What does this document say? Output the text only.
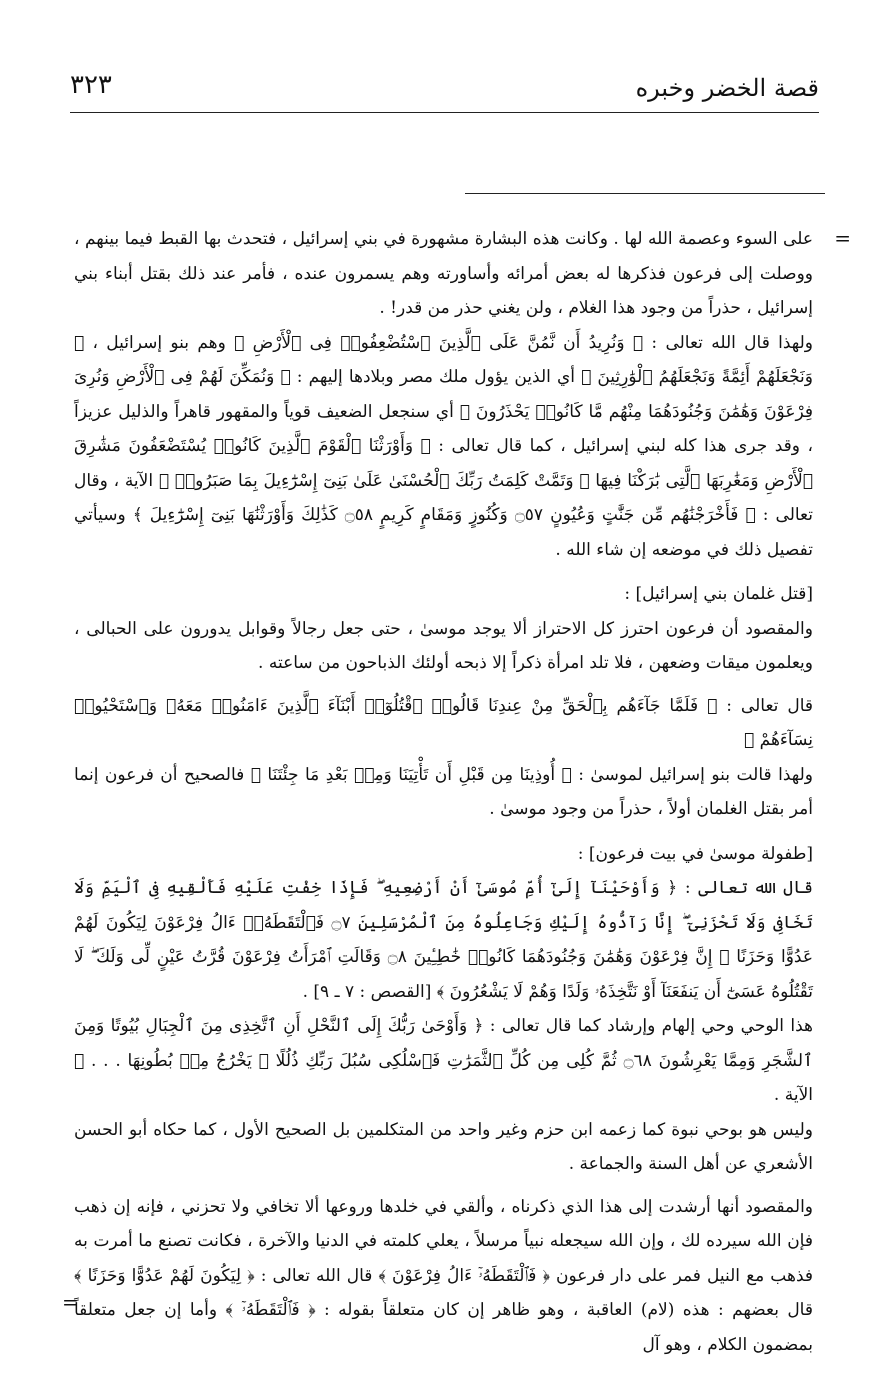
قصة الخضر وخبره
٣٢٣
=
=

على السوء وعصمة الله لها . وكانت هذه البشارة مشهورة في بني إسرائيل ، فتحدث بها القبط فيما بينهم ، ووصلت إلى فرعون فذكرها له بعض أمرائه وأساورته وهم يسمرون عنده ، فأمر عند ذلك بقتل أبناء بني إسرائيل ، حذراً من وجود هذا الغلام ، ولن يغني حذر من قدر! .

ولهذا قال الله تعالى : ﴿ وَنُرِيدُ أَن نَّمُنَّ عَلَى ٱلَّذِينَ ٱسْتُضْعِفُوا۟ فِى ٱلْأَرْضِ ﴾ وهم بنو إسرائيل ، ﴿ وَنَجْعَلَهُمْ أَئِمَّةً وَنَجْعَلَهُمُ ٱلْوَٰرِثِينَ ﴾ أي الذين يؤول ملك مصر وبلادها إليهم : ﴿ وَنُمَكِّنَ لَهُمْ فِى ٱلْأَرْضِ وَنُرِىَ فِرْعَوْنَ وَهَٰمَٰنَ وَجُنُودَهُمَا مِنْهُم مَّا كَانُوا۟ يَحْذَرُونَ ﴾ أي سنجعل الضعيف قوياً والمقهور قاهراً والذليل عزيزاً ، وقد جرى هذا كله لبني إسرائيل ، كما قال تعالى : ﴿ وَأَوْرَثْنَا ٱلْقَوْمَ ٱلَّذِينَ كَانُوا۟ يُسْتَضْعَفُونَ مَشَٰرِقَ ٱلْأَرْضِ وَمَغَٰرِبَهَا ٱلَّتِى بَٰرَكْنَا فِيهَا ۖ وَتَمَّتْ كَلِمَتُ رَبِّكَ ٱلْحُسْنَىٰ عَلَىٰ بَنِىٓ إِسْرَٰٓءِيلَ بِمَا صَبَرُوا۟ ﴾ الآية ، وقال تعالى : ﴿ فَأَخْرَجْنَٰهُم مِّن جَنَّٰتٍ وَعُيُونٍ ۝٥٧ وَكُنُوزٍ وَمَقَامٍ كَرِيمٍ ۝٥٨ كَذَٰلِكَ وَأَوْرَثْنَٰهَا بَنِىٓ إِسْرَٰٓءِيلَ ﴾ وسيأتي تفصيل ذلك في موضعه إن شاء الله .

[قتل غلمان بني إسرائيل] :

والمقصود أن فرعون احترز كل الاحتراز ألا يوجد موسىٰ ، حتى جعل رجالاً وقوابل يدورون على الحبالى ، ويعلمون ميقات وضعهن ، فلا تلد امرأة ذكراً إلا ذبحه أولئك الذباحون من ساعته .

قال تعالى : ﴿ فَلَمَّا جَآءَهُم بِٱلْحَقِّ مِنْ عِندِنَا قَالُوا۟ ٱقْتُلُوٓا۟ أَبْنَآءَ ٱلَّذِينَ ءَامَنُوا۟ مَعَهُۥ وَٱسْتَحْيُوا۟ نِسَآءَهُمْ ﴾

ولهذا قالت بنو إسرائيل لموسىٰ : ﴿ أُوذِينَا مِن قَبْلِ أَن تَأْتِيَنَا وَمِنۢ بَعْدِ مَا جِئْتَنَا ﴾ فالصحيح أن فرعون إنما أمر بقتل الغلمان أولاً ، حذراً من وجود موسىٰ .

[طفولة موسىٰ في بيت فرعون] :

قال الله تعالى : ﴿ وَأَوْحَيْنَآ إِلَىٰٓ أُمِّ مُوسَىٰٓ أَنْ أَرْضِعِيهِ ۖ فَإِذَا خِفْتِ عَلَيْهِ فَأَلْقِيهِ فِى ٱلْيَمِّ وَلَا تَخَافِى وَلَا تَحْزَنِىٓ ۖ إِنَّا رَآدُّوهُ إِلَيْكِ وَجَاعِلُوهُ مِنَ ٱلْمُرْسَلِينَ ۝٧ فَٱلْتَقَطَهُۥٓ ءَالُ فِرْعَوْنَ لِيَكُونَ لَهُمْ عَدُوًّا وَحَزَنًا ۗ إِنَّ فِرْعَوْنَ وَهَٰمَٰنَ وَجُنُودَهُمَا كَانُوا۟ خَٰطِـِٔينَ ۝٨ وَقَالَتِ ٱمْرَأَتُ فِرْعَوْنَ قُرَّتُ عَيْنٍ لِّى وَلَكَ ۖ لَا تَقْتُلُوهُ عَسَىٰٓ أَن يَنفَعَنَآ أَوْ نَتَّخِذَهُۥ وَلَدًا وَهُمْ لَا يَشْعُرُونَ ﴾ [القصص : ٧ ـ ٩] .

هذا الوحي وحي إلهام وإرشاد كما قال تعالى : ﴿ وَأَوْحَىٰ رَبُّكَ إِلَى ٱلنَّحْلِ أَنِ ٱتَّخِذِى مِنَ ٱلْجِبَالِ بُيُوتًا وَمِنَ ٱلشَّجَرِ وَمِمَّا يَعْرِشُونَ ۝٦٨ ثُمَّ كُلِى مِن كُلِّ ٱلثَّمَرَٰتِ فَٱسْلُكِى سُبُلَ رَبِّكِ ذُلُلًا ۚ يَخْرُجُ مِنۢ بُطُونِهَا . . . ﴾ الآية .

وليس هو بوحي نبوة كما زعمه ابن حزم وغير واحد من المتكلمين بل الصحيح الأول ، كما حكاه أبو الحسن الأشعري عن أهل السنة والجماعة .

والمقصود أنها أرشدت إلى هذا الذي ذكرناه ، وألقي في خلدها وروعها ألا تخافي ولا تحزني ، فإنه إن ذهب فإن الله سيرده لك ، وإن الله سيجعله نبياً مرسلاً ، يعلي كلمته في الدنيا والآخرة ، فكانت تصنع ما أمرت به فذهب مع النيل فمر على دار فرعون ﴿ فَٱلْتَقَطَهُۥٓ ءَالُ فِرْعَوْنَ ﴾ قال الله تعالى : ﴿ لِيَكُونَ لَهُمْ عَدُوًّا وَحَزَنًا ﴾ قال بعضهم : هذه (لام) العاقبة ، وهو ظاهر إن كان متعلقاً بقوله : ﴿ فَٱلْتَقَطَهُۥٓ ﴾ وأما إن جعل متعلقاً بمضمون الكلام ، وهو آل
